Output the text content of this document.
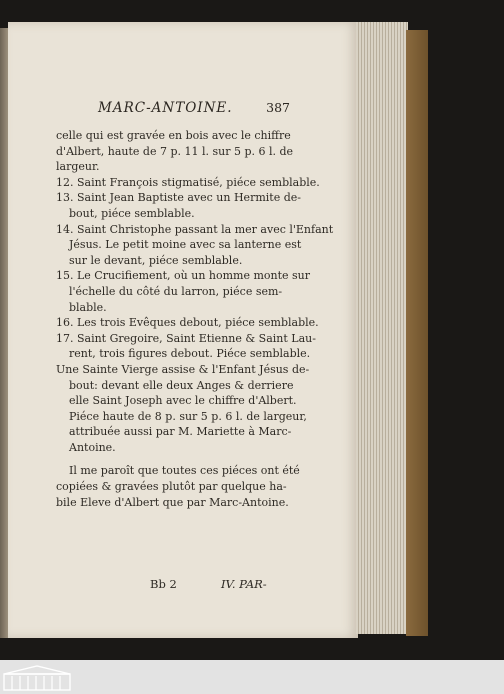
MARC-ANTOINE.	387
celle qui est gravée en bois avec le chiffre
d'Albert, haute de 7 p. 11 l. sur 5 p. 6 l. de
largeur.
12. Saint François stigmatisé, piéce semblable.
13. Saint Jean Baptiste avec un Hermite de-
bout, piéce semblable.
14. Saint Christophe passant la mer avec l'Enfant
Jésus. Le petit moine avec sa lanterne est
sur le devant, piéce semblable.
15. Le Crucifiement, où un homme monte sur
l'échelle du côté du larron, piéce sem-
blable.
16. Les trois Evêques debout, piéce semblable.
17. Saint Gregoire, Saint Etienne & Saint Lau-
rent, trois figures debout. Piéce semblable.
Une Sainte Vierge assise & l'Enfant Jésus de-
bout: devant elle deux Anges & derriere
elle Saint Joseph avec le chiffre d'Albert.
Piéce haute de 8 p. sur 5 p. 6 l. de largeur,
attribuée aussi par M. Mariette à Marc-
Antoine.
Il me paroît que toutes ces piéces ont été
copiées & gravées plutôt par quelque ha-
bile Eleve d'Albert que par Marc-Antoine.
Bb 2	IV. PAR-
